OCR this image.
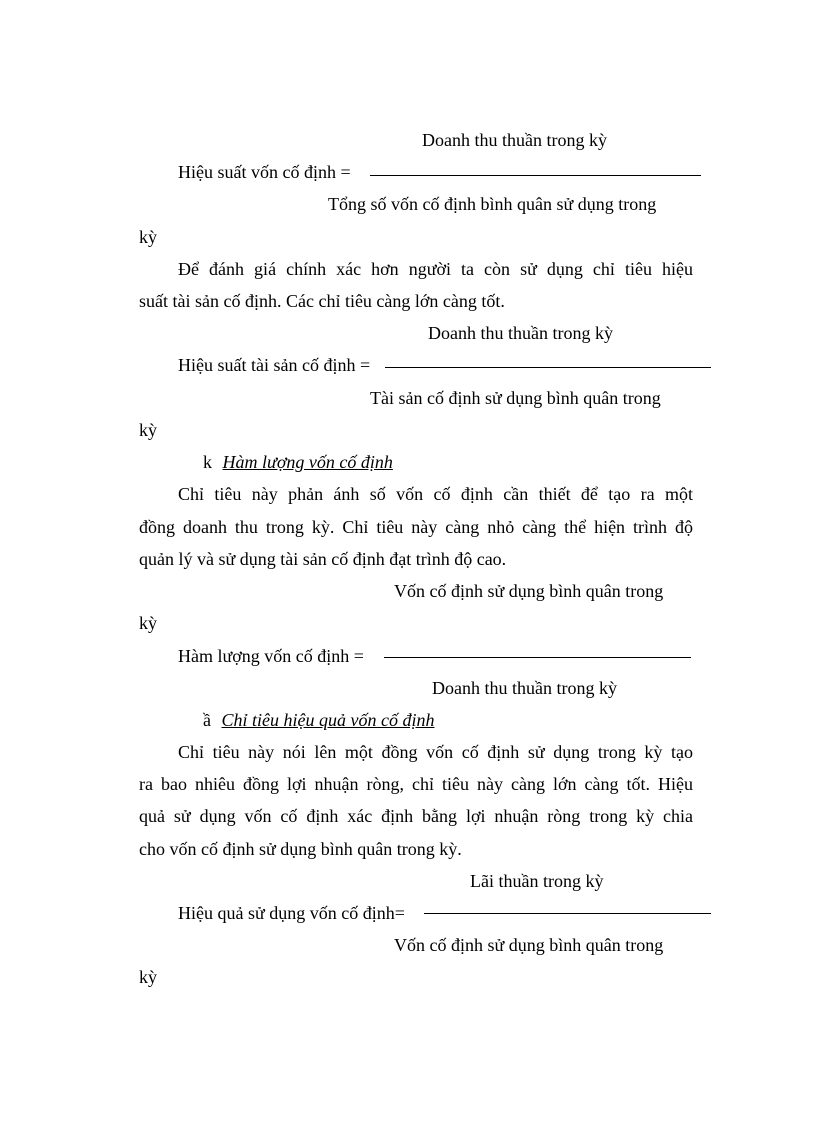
Doanh thu thuần trong kỳ
Hiệu suất vốn cố định =
Tổng số vốn cố định bình quân sử dụng trong
kỳ
Để đánh giá chính xác hơn người ta còn sử dụng chỉ tiêu hiệu
suất tài sản cố định. Các chỉ tiêu càng lớn càng tốt.
Doanh thu thuần trong kỳ
Hiệu suất tài sản cố định =
Tài sản cố định sử dụng bình quân trong
kỳ
k Hàm lượng vốn cố định
Chỉ tiêu này phản ánh số vốn cố định cần thiết để tạo ra một
đồng doanh thu trong kỳ. Chỉ tiêu này càng nhỏ càng thể hiện trình độ
quản lý và sử dụng tài sản cố định đạt trình độ cao.
Vốn cố định sử dụng bình quân trong
kỳ
Hàm lượng vốn cố định =
Doanh thu thuần trong kỳ
ầ Chỉ tiêu hiệu quả vốn cố định
Chỉ tiêu này nói lên một đồng vốn cố định sử dụng trong kỳ tạo
ra bao nhiêu đồng lợi nhuận ròng, chỉ tiêu này càng lớn càng tốt. Hiệu
quả sử dụng vốn cố định xác định bằng lợi nhuận ròng trong kỳ chia
cho vốn cố định sử dụng bình quân trong kỳ.
Lãi thuần trong kỳ
Hiệu quả sử dụng vốn cố định=
Vốn cố định sử dụng bình quân trong
kỳ
